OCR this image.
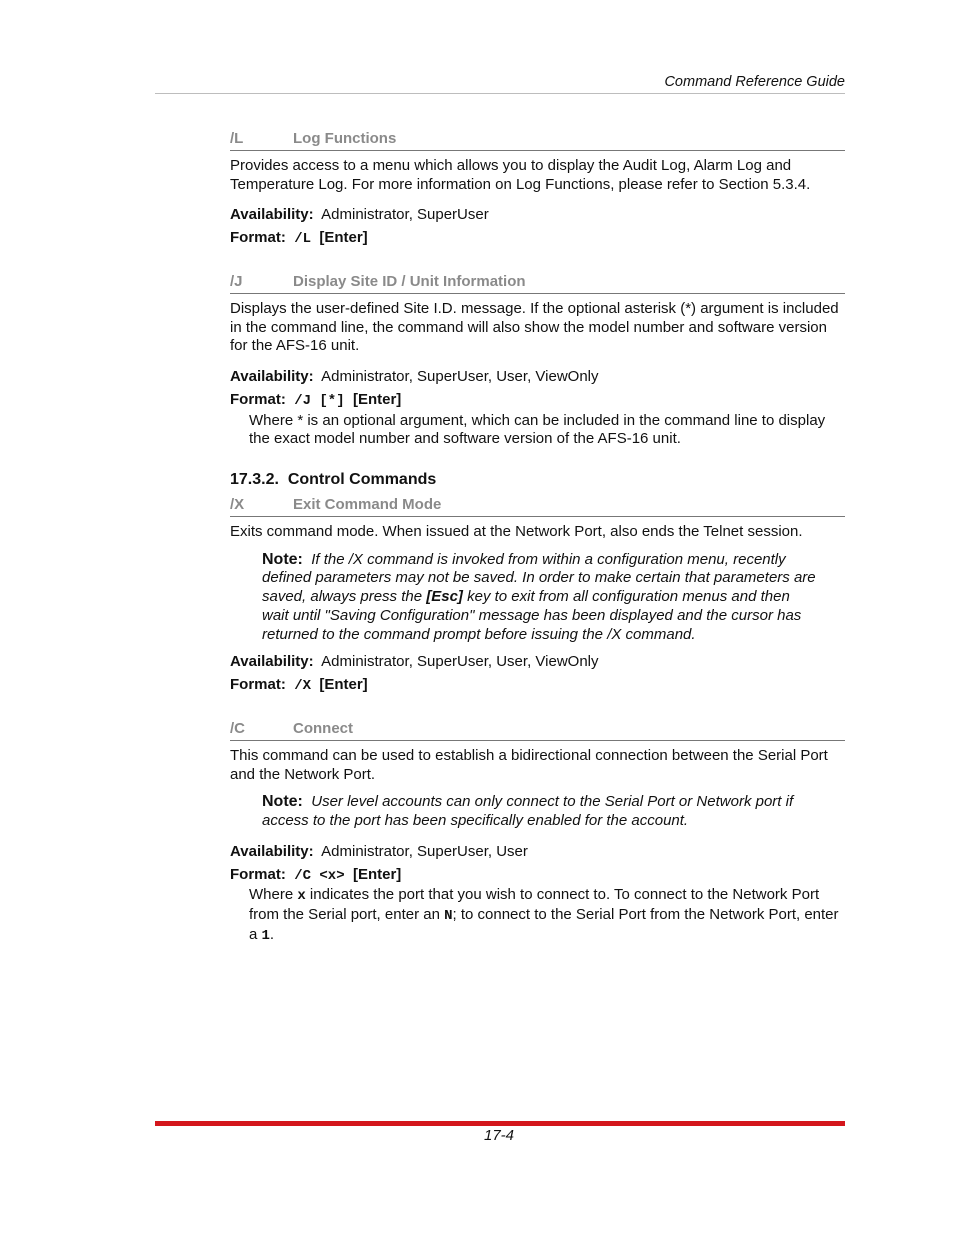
Command Reference Guide
/L	Log Functions

Provides access to a menu which allows you to display the Audit Log, Alarm Log and Temperature Log. For more information on Log Functions, please refer to Section 5.3.4.

Availability: Administrator, SuperUser

Format: /L [Enter]

/J	Display Site ID / Unit Information

Displays the user-defined Site I.D. message. If the optional asterisk (*) argument is included in the command line, the command will also show the model number and software version for the AFS-16 unit.

Availability: Administrator, SuperUser, User, ViewOnly

Format: /J [*] [Enter]

Where * is an optional argument, which can be included in the command line to display the exact model number and software version of the AFS-16 unit.

17.3.2. Control Commands
/X	Exit Command Mode

Exits command mode. When issued at the Network Port, also ends the Telnet session.

Note: If the /X command is invoked from within a configuration menu, recently defined parameters may not be saved. In order to make certain that parameters are saved, always press the [Esc] key to exit from all configuration menus and then wait until "Saving Configuration" message has been displayed and the cursor has returned to the command prompt before issuing the /X command.

Availability: Administrator, SuperUser, User, ViewOnly

Format: /X [Enter]

/C	Connect

This command can be used to establish a bidirectional connection between the Serial Port and the Network Port.

Note: User level accounts can only connect to the Serial Port or Network port if access to the port has been specifically enabled for the account.

Availability: Administrator, SuperUser, User

Format: /C <x> [Enter]

Where x indicates the port that you wish to connect to. To connect to the Network Port from the Serial port, enter an N; to connect to the Serial Port from the Network Port, enter a 1.

17-4
